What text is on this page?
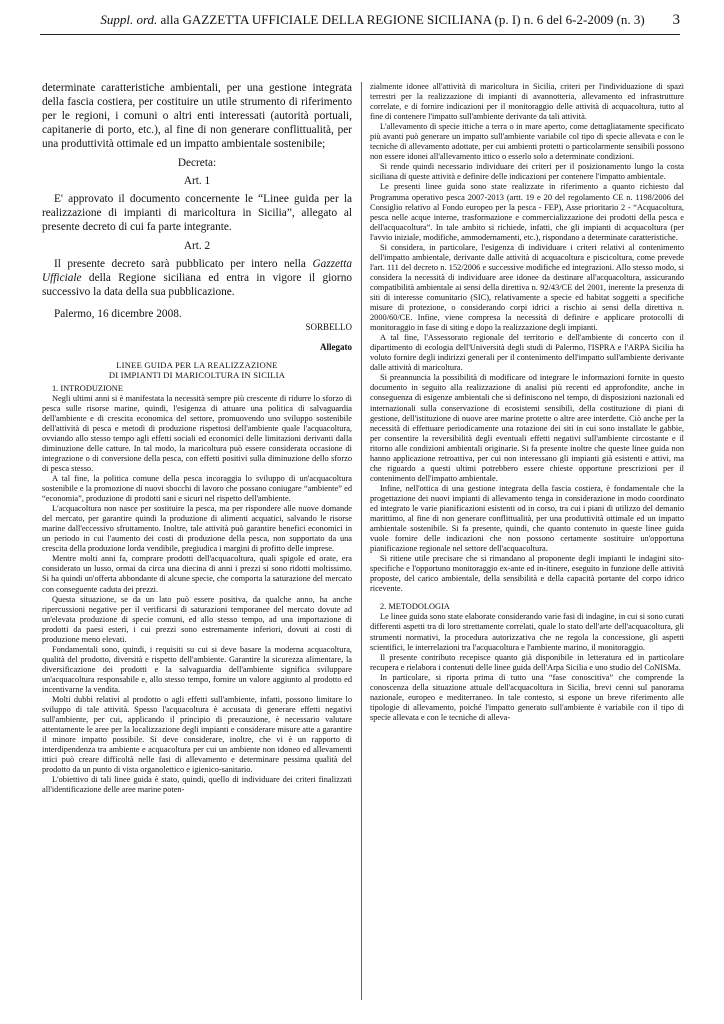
Suppl. ord. alla GAZZETTA UFFICIALE DELLA REGIONE SICILIANA (p. I) n. 6 del 6-2-2009 (n. 3) 3

determinate caratteristiche ambientali, per una gestione integrata della fascia costiera, per costituire un utile strumento di riferimento per le regioni, i comuni o altri enti interessati (autorità portuali, capitanerie di porto, etc.), al fine di non generare conflittualità, per una produttività ottimale ed un impatto ambientale sostenibile;

Decreta:

Art. 1

E' approvato il documento concernente le “Linee guida per la realizzazione di impianti di maricoltura in Sicilia”, allegato al presente decreto di cui fa parte integrante.

Art. 2

Il presente decreto sarà pubblicato per intero nella Gazzetta Ufficiale della Regione siciliana ed entra in vigore il giorno successivo la data della sua pubblicazione.

Palermo, 16 dicembre 2008.

SORBELLO
Allegato
LINEE GUIDA PER LA REALIZZAZIONE
DI IMPIANTI DI MARICOLTURA IN SICILIA

1. INTRODUZIONE

Negli ultimi anni si è manifestata la necessità sempre più crescente di ridurre lo sforzo di pesca sulle risorse marine, quindi, l'esigenza di attuare una politica di salvaguardia dell'ambiente e di crescita economica del settore, promuovendo uno sviluppo sostenibile dell'attività di pesca e metodi di produzione rispettosi dell'ambiente quale l'acquacoltura, ovviando allo stesso tempo agli effetti sociali ed economici delle limitazioni derivanti dalla diminuzione delle catture. In tal modo, la maricoltura può essere considerata occasione di integrazione o di conversione della pesca, con effetti positivi sulla diminuzione dello sforzo di pesca stesso.

A tal fine, la politica comune della pesca incoraggia lo sviluppo di un'acquacoltura sostenibile e la promozione di nuovi sbocchi di lavoro che possano coniugare “ambiente” ed “economia”, produzione di prodotti sani e sicuri nel rispetto dell'ambiente.

L'acquacoltura non nasce per sostituire la pesca, ma per rispondere alle nuove domande del mercato, per garantire quindi la produzione di alimenti acquatici, salvando le risorse marine dall'eccessivo sfruttamento. Inoltre, tale attività può garantire benefici economici in un periodo in cui l'aumento dei costi di produzione della pesca, non supportato da una crescita della produzione lorda vendibile, pregiudica i margini di profitto delle imprese.

Mentre molti anni fa, comprare prodotti dell'acquacoltura, quali spigole ed orate, era considerato un lusso, ormai da circa una diecina di anni i prezzi si sono ridotti moltissimo. Si ha quindi un'offerta abbondante di alcune specie, che comporta la saturazione del mercato con conseguente caduta dei prezzi.

Questa situazione, se da un lato può essere positiva, da qualche anno, ha anche ripercussioni negative per il verificarsi di saturazioni temporanee del mercato dovute ad un'elevata produzione di specie comuni, ed allo stesso tempo, ad una importazione di prodotti da paesi esteri, i cui prezzi sono estremamente inferiori, dovuti ai costi di produzione meno elevati.

Fondamentali sono, quindi, i requisiti su cui si deve basare la moderna acquacoltura, qualità del prodotto, diversità e rispetto dell'ambiente. Garantire la sicurezza alimentare, la diversificazione dei prodotti e la salvaguardia dell'ambiente significa sviluppare un'acquacoltura responsabile e, allo stesso tempo, fornire un valore aggiunto al prodotto ed incentivarne la vendita.

Molti dubbi relativi al prodotto o agli effetti sull'ambiente, infatti, possono limitare lo sviluppo di tale attività. Spesso l'acquacoltura è accusata di generare effetti negativi sull'ambiente, per cui, applicando il principio di precauzione, è necessario valutare attentamente le aree per la localizzazione degli impianti e considerare misure atte a garantire il minore impatto possibile. Si deve considerare, inoltre, che vi è un rapporto di interdipendenza tra ambiente e acquacoltura per cui un ambiente non idoneo ed allevamenti ittici può creare difficoltà nelle fasi di allevamento e determinare pessima qualità del prodotto da un punto di vista organolettico e igienico-sanitario.

L'obiettivo di tali linee guida è stato, quindi, quello di individuare dei criteri finalizzati all'identificazione delle aree marine poten-

zialmente idonee all'attività di maricoltura in Sicilia, criteri per l'individuazione di spazi terrestri per la realizzazione di impianti di avannotteria, allevamento ed infrastrutture correlate, e di fornire indicazioni per il monitoraggio delle attività di acquacoltura, tutto al fine di contenere l'impatto sull'ambiente derivante da tali attività.

L'allevamento di specie ittiche a terra o in mare aperto, come dettagliatamente specificato più avanti può generare un impatto sull'ambiente variabile col tipo di specie allevata e con le tecniche di allevamento adottate, per cui ambienti protetti o particolarmente sensibili possono non essere idonei all'allevamento ittico o esserlo solo a determinate condizioni.

Si rende quindi necessario individuare dei criteri per il posizionamento lungo la costa siciliana di queste attività e definire delle indicazioni per contenere l'impatto ambientale.

Le presenti linee guida sono state realizzate in riferimento a quanto richiesto dal Programma operativo pesca 2007-2013 (artt. 19 e 20 del regolamento CE n. 1198/2006 del Consiglio relativo al Fondo europeo per la pesca - FEP), Asse prioritario 2 - “Acquacoltura, pesca nelle acque interne, trasformazione e commercializzazione dei prodotti della pesca e dell'acquacoltura”. In tale ambito si richiede, infatti, che gli impianti di acquacoltura (per l'avvio iniziale, modifiche, ammodernamenti, etc.), rispondano a determinate caratteristiche.

Si considera, in particolare, l'esigenza di individuare i criteri relativi al contenimento dell'impatto ambientale, derivante dalle attività di acquacoltura e piscicoltura, come prevede l'art. 111 del decreto n. 152/2006 e successive modifiche ed integrazioni. Allo stesso modo, si considera la necessità di individuare aree idonee da destinare all'acquacoltura, assicurando compatibilità ambientale ai sensi della direttiva n. 92/43/CE del 2001, inerente la presenza di siti di interesse comunitario (SIC), relativamente a specie ed habitat soggetti a specifiche misure di protezione, o considerando corpi idrici a rischio ai sensi della direttiva n. 2000/60/CE. Infine, viene compresa la necessità di definire e applicare protocolli di monitoraggio in fase di siting e dopo la realizzazione degli impianti.

A tal fine, l'Assessorato regionale del territorio e dell'ambiente di concerto con il dipartimento di ecologia dell'Università degli studi di Palermo, l'ISPRA e l'ARPA Sicilia ha voluto fornire degli indirizzi generali per il contenimento dell'impatto sull'ambiente derivante dalle attività di maricoltura.

Si preannuncia la possibilità di modificare od integrare le informazioni fornite in questo documento in seguito alla realizzazione di analisi più recenti ed approfondite, anche in conseguenza di esigenze ambientali che si definiscono nel tempo, di disposizioni nazionali ed internazionali sulla conservazione di ecosistemi sensibili, della costituzione di piani di gestione, dell'istituzione di nuove aree marine protette o altre aree interdette. Ciò anche per la necessità di effettuare periodicamente una rotazione dei siti in cui sono installate le gabbie, per consentire la reversibilità degli eventuali effetti negativi sull'ambiente circostante e il ritorno alle condizioni ambientali originarie. Si fa presente inoltre che queste linee guida non hanno applicazione retroattiva, per cui non interessano gli impianti già esistenti e attivi, ma che riguardo a questi ultimi potrebbero essere chieste opportune prescrizioni per il contenimento dell'impatto ambientale.

Infine, nell'ottica di una gestione integrata della fascia costiera, è fondamentale che la progettazione dei nuovi impianti di allevamento tenga in considerazione in modo coordinato ed integrato le varie pianificazioni esistenti od in corso, tra cui i piani di utilizzo del demanio marittimo, al fine di non generare conflittualità, per una produttività ottimale ed un impatto ambientale sostenibile. Si fa presente, quindi, che quanto contenuto in queste linee guida vuole fornire delle indicazioni che non possono certamente sostituire un'opportuna pianificazione regionale nel settore dell'acquacoltura.

Si ritiene utile precisare che si rimandano al proponente degli impianti le indagini sito-specifiche e l'opportuno monitoraggio ex-ante ed in-itinere, eseguito in funzione delle attività proposte, del carico ambientale, della sensibilità e della capacità portante del corpo idrico ricevente.

2. METODOLOGIA

Le linee guida sono state elaborate considerando varie fasi di indagine, in cui si sono curati differenti aspetti tra di loro strettamente correlati, quale lo stato dell'arte dell'acquacoltura, gli strumenti normativi, la procedura autorizzativa che ne regola la concessione, gli aspetti scientifici, le interrelazioni tra l'acquacoltura e l'ambiente marino, il monitoraggio.

Il presente contributo recepisce quanto già disponibile in letteratura ed in particolare recupera e rielabora i contenuti delle linee guida dell'Arpa Sicilia e uno studio del CoNISMa.

In particolare, si riporta prima di tutto una “fase conoscitiva” che comprende la conoscenza della situazione attuale dell'acquacoltura in Sicilia, brevi cenni sul panorama nazionale, europeo e mediterraneo. In tale contesto, si espone un breve riferimento alle tipologie di allevamento, poiché l'impatto generato sull'ambiente è variabile con il tipo di specie allevata e con le tecniche di alleva-
